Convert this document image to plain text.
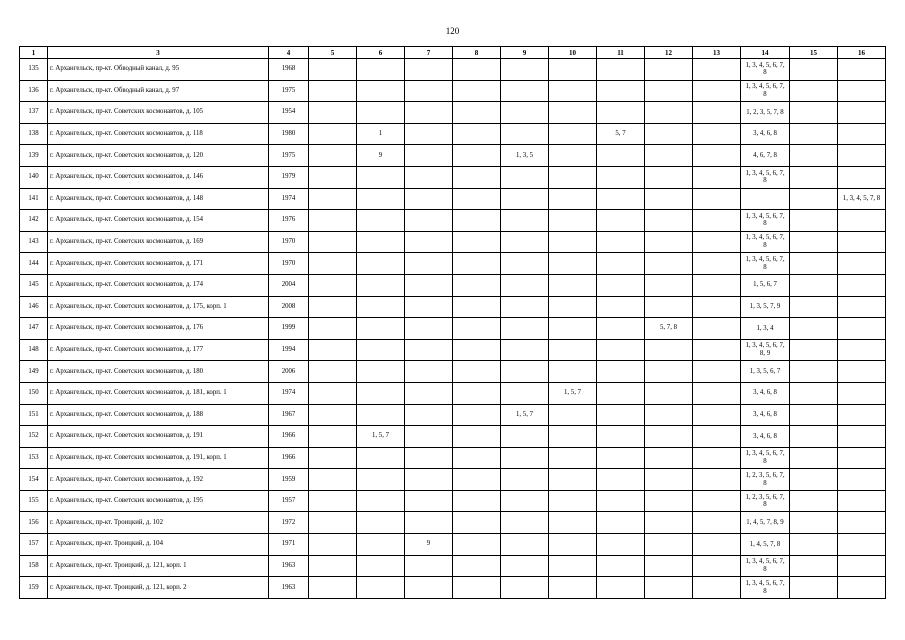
120
1	3	4	5	6	7	8	9	10	11	12	13	14	15	16
135	г. Архангельск, пр-кт. Обводный канал, д. 95	1968										1, 3, 4, 5, 6, 7, 8		
136	г. Архангельск, пр-кт. Обводный канал, д. 97	1975										1, 3, 4, 5, 6, 7, 8		
137	г. Архангельск, пр-кт. Советских космонавтов, д. 105	1954										1, 2, 3, 5, 7, 8		
138	г. Архангельск, пр-кт. Советских космонавтов, д. 118	1980		1					5, 7			3, 4, 6, 8		
139	г. Архангельск, пр-кт. Советских космонавтов, д. 120	1975		9			1, 3, 5					4, 6, 7, 8		
140	г. Архангельск, пр-кт. Советских космонавтов, д. 146	1979										1, 3, 4, 5, 6, 7, 8		
141	г. Архангельск, пр-кт. Советских космонавтов, д. 148	1974												1, 3, 4, 5, 7, 8
142	г. Архангельск, пр-кт. Советских космонавтов, д. 154	1976										1, 3, 4, 5, 6, 7, 8		
143	г. Архангельск, пр-кт. Советских космонавтов, д. 169	1970										1, 3, 4, 5, 6, 7, 8		
144	г. Архангельск, пр-кт. Советских космонавтов, д. 171	1970										1, 3, 4, 5, 6, 7, 8		
145	г. Архангельск, пр-кт. Советских космонавтов, д. 174	2004										1, 5, 6, 7		
146	г. Архангельск, пр-кт. Советских космонавтов, д. 175, корп. 1	2008										1, 3, 5, 7, 9		
147	г. Архангельск, пр-кт. Советских космонавтов, д. 176	1999								5, 7, 8		1, 3, 4		
148	г. Архангельск, пр-кт. Советских космонавтов, д. 177	1994										1, 3, 4, 5, 6, 7, 8, 9		
149	г. Архангельск, пр-кт. Советских космонавтов, д. 180	2006										1, 3, 5, 6, 7		
150	г. Архангельск, пр-кт. Советских космонавтов, д. 181, корп. 1	1974						1, 5, 7				3, 4, 6, 8		
151	г. Архангельск, пр-кт. Советских космонавтов, д. 188	1967					1, 5, 7					3, 4, 6, 8		
152	г. Архангельск, пр-кт. Советских космонавтов, д. 191	1966		1, 5, 7								3, 4, 6, 8		
153	г. Архангельск, пр-кт. Советских космонавтов, д. 191, корп. 1	1966										1, 3, 4, 5, 6, 7, 8		
154	г. Архангельск, пр-кт. Советских космонавтов, д. 192	1959										1, 2, 3, 5, 6, 7, 8		
155	г. Архангельск, пр-кт. Советских космонавтов, д. 195	1957										1, 2, 3, 5, 6, 7, 8		
156	г. Архангельск, пр-кт. Троицкий, д. 102	1972										1, 4, 5, 7, 8, 9		
157	г. Архангельск, пр-кт. Троицкий, д. 104	1971			9							1, 4, 5, 7, 8		
158	г. Архангельск, пр-кт. Троицкий, д. 121, корп. 1	1963										1, 3, 4, 5, 6, 7, 8		
159	г. Архангельск, пр-кт. Троицкий, д. 121, корп. 2	1963										1, 3, 4, 5, 6, 7, 8		
